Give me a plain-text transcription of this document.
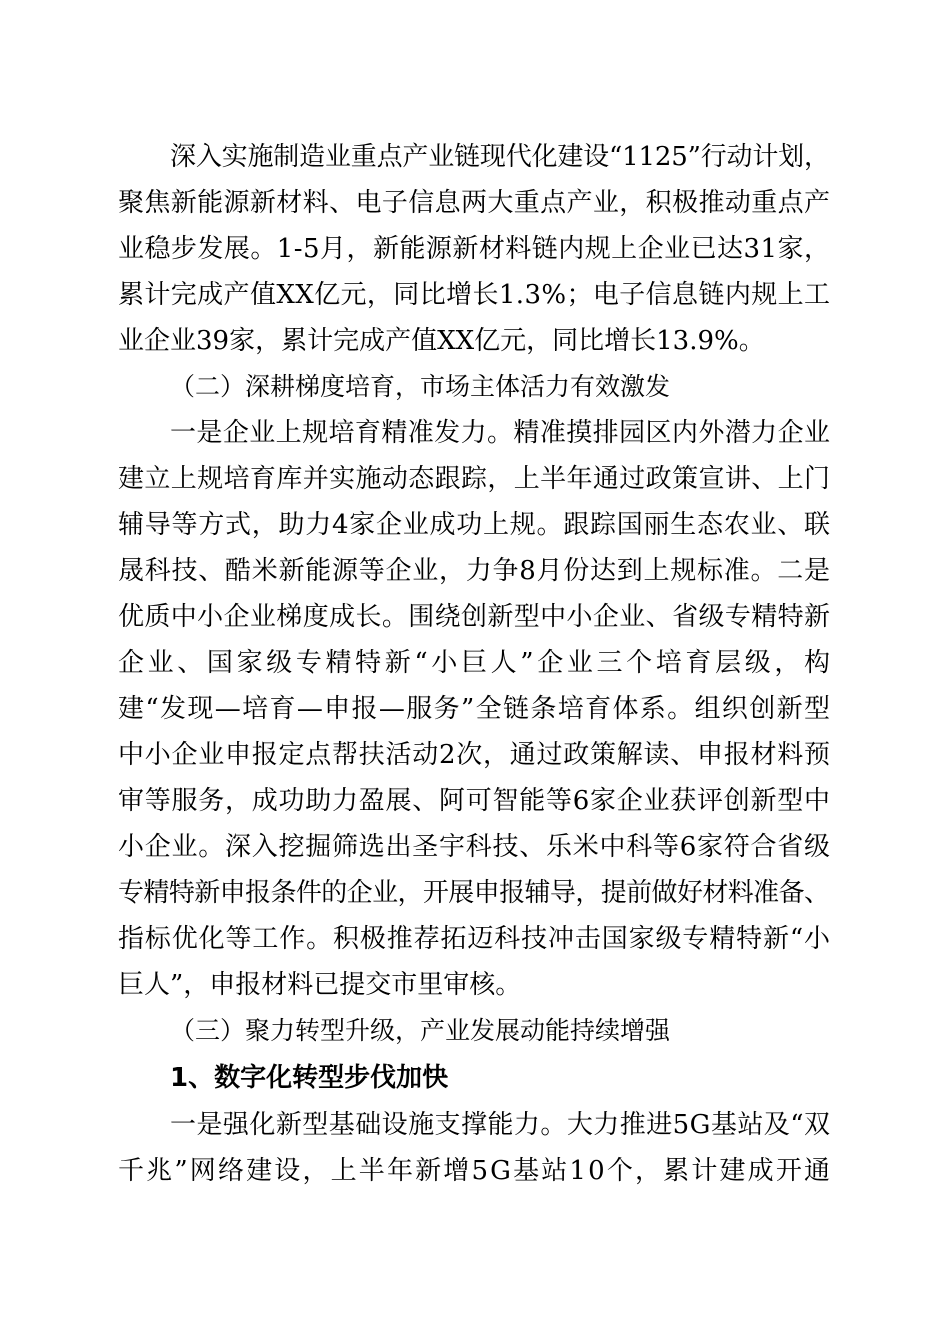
深入实施制造业重点产业链现代化建设“1125”行动计划，
聚焦新能源新材料、电子信息两大重点产业，积极推动重点产
业稳步发展。1-5月，新能源新材料链内规上企业已达31家，
累计完成产值XX亿元，同比增长1.3%；电子信息链内规上工
业企业39家，累计完成产值XX亿元，同比增长13.9%。
（二）深耕梯度培育，市场主体活力有效激发
一是企业上规培育精准发力。精准摸排园区内外潜力企业
建立上规培育库并实施动态跟踪，上半年通过政策宣讲、上门
辅导等方式，助力4家企业成功上规。跟踪国丽生态农业、联
晟科技、酷米新能源等企业，力争8月份达到上规标准。二是
优质中小企业梯度成长。围绕创新型中小企业、省级专精特新
企业、国家级专精特新“小巨人”企业三个培育层级，构
建“发现—培育—申报—服务”全链条培育体系。组织创新型
中小企业申报定点帮扶活动2次，通过政策解读、申报材料预
审等服务，成功助力盈展、阿可智能等6家企业获评创新型中
小企业。深入挖掘筛选出圣宇科技、乐米中科等6家符合省级
专精特新申报条件的企业，开展申报辅导，提前做好材料准备、
指标优化等工作。积极推荐拓迈科技冲击国家级专精特新“小
巨人”，申报材料已提交市里审核。
（三）聚力转型升级，产业发展动能持续增强
1、数字化转型步伐加快
一是强化新型基础设施支撑能力。大力推进5G基站及“双
千兆”网络建设，上半年新增5G基站10个，累计建成开通
